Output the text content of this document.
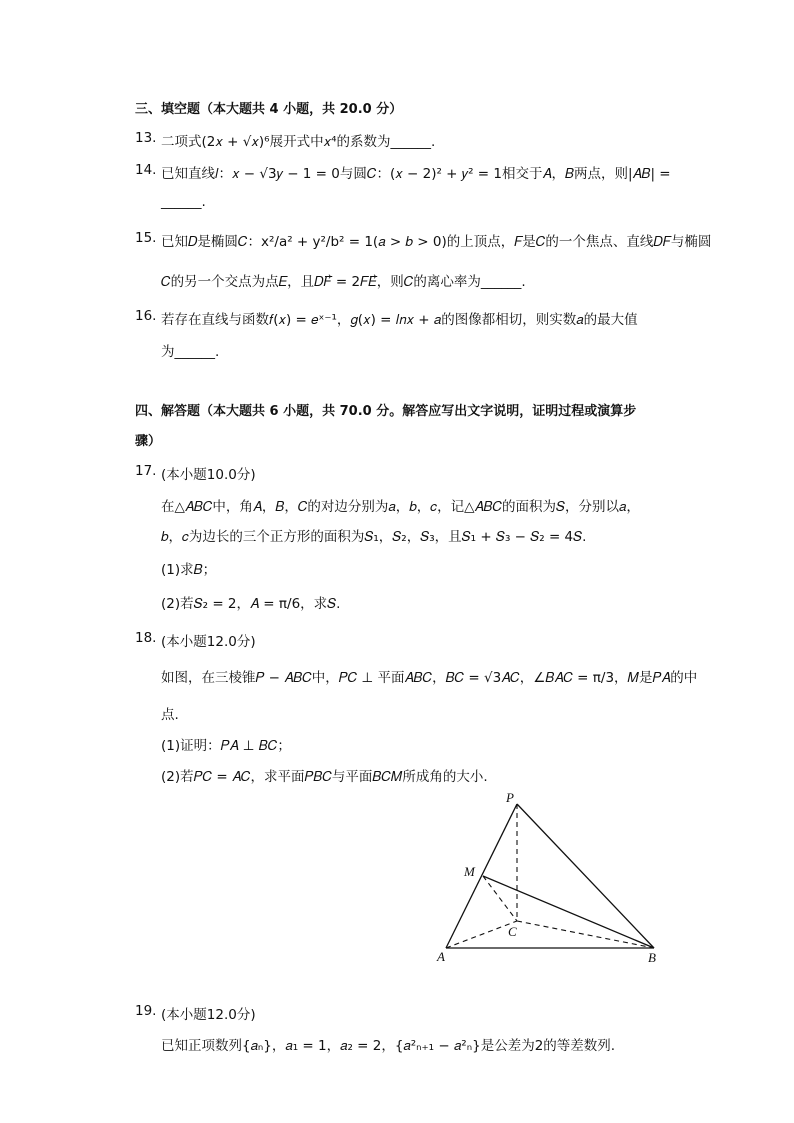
三、填空题（本大题共 4 小题，共 20.0 分）
13. 二项式(2𝑥 + √𝑥)⁶展开式中𝑥⁴的系数为______.
14. 已知直线𝑙：𝑥 − √3𝑦 − 1 = 0与圆𝐶：(𝑥 − 2)² + 𝑦² = 1相交于𝐴，𝐵两点，则|𝐴𝐵| =
______.
15. 已知𝐷是椭圆𝐶：x²/a² + y²/b² = 1(𝑎 > 𝑏 > 0)的上顶点，𝐹是𝐶的一个焦点、直线𝐷𝐹与椭圆
𝐶的另一个交点为点𝐸，且𝐷𝐹⃗ = 2𝐹𝐸⃗，则𝐶的离心率为______.
16. 若存在直线与函数𝑓(𝑥) = 𝑒ˣ⁻¹，𝑔(𝑥) = 𝑙𝑛𝑥 + 𝑎的图像都相切，则实数𝑎的最大值
为______.
四、解答题（本大题共 6 小题，共 70.0 分。解答应写出文字说明，证明过程或演算步
骤）
17. (本小题10.0分)
在△𝐴𝐵𝐶中，角𝐴，𝐵，𝐶的对边分别为𝑎，𝑏，𝑐，记△𝐴𝐵𝐶的面积为𝑆，分别以𝑎，
𝑏，𝑐为边长的三个正方形的面积为𝑆₁，𝑆₂，𝑆₃，且𝑆₁ + 𝑆₃ − 𝑆₂ = 4𝑆.
(1)求𝐵；
(2)若𝑆₂ = 2，𝐴 = π/6，求𝑆.
18. (本小题12.0分)
如图，在三棱锥𝑃 − 𝐴𝐵𝐶中，𝑃𝐶 ⊥ 平面𝐴𝐵𝐶，𝐵𝐶 = √3𝐴𝐶，∠𝐵𝐴𝐶 = π/3，𝑀是𝑃𝐴的中
点.
(1)证明：𝑃𝐴 ⊥ 𝐵𝐶；
(2)若𝑃𝐶 = 𝐴𝐶，求平面𝑃𝐵𝐶与平面𝐵𝐶𝑀所成角的大小.
P
M
C
A	B
19. (本小题12.0分)
已知正项数列{𝑎ₙ}，𝑎₁ = 1，𝑎₂ = 2，{𝑎²ₙ₊₁ − 𝑎²ₙ}是公差为2的等差数列.
